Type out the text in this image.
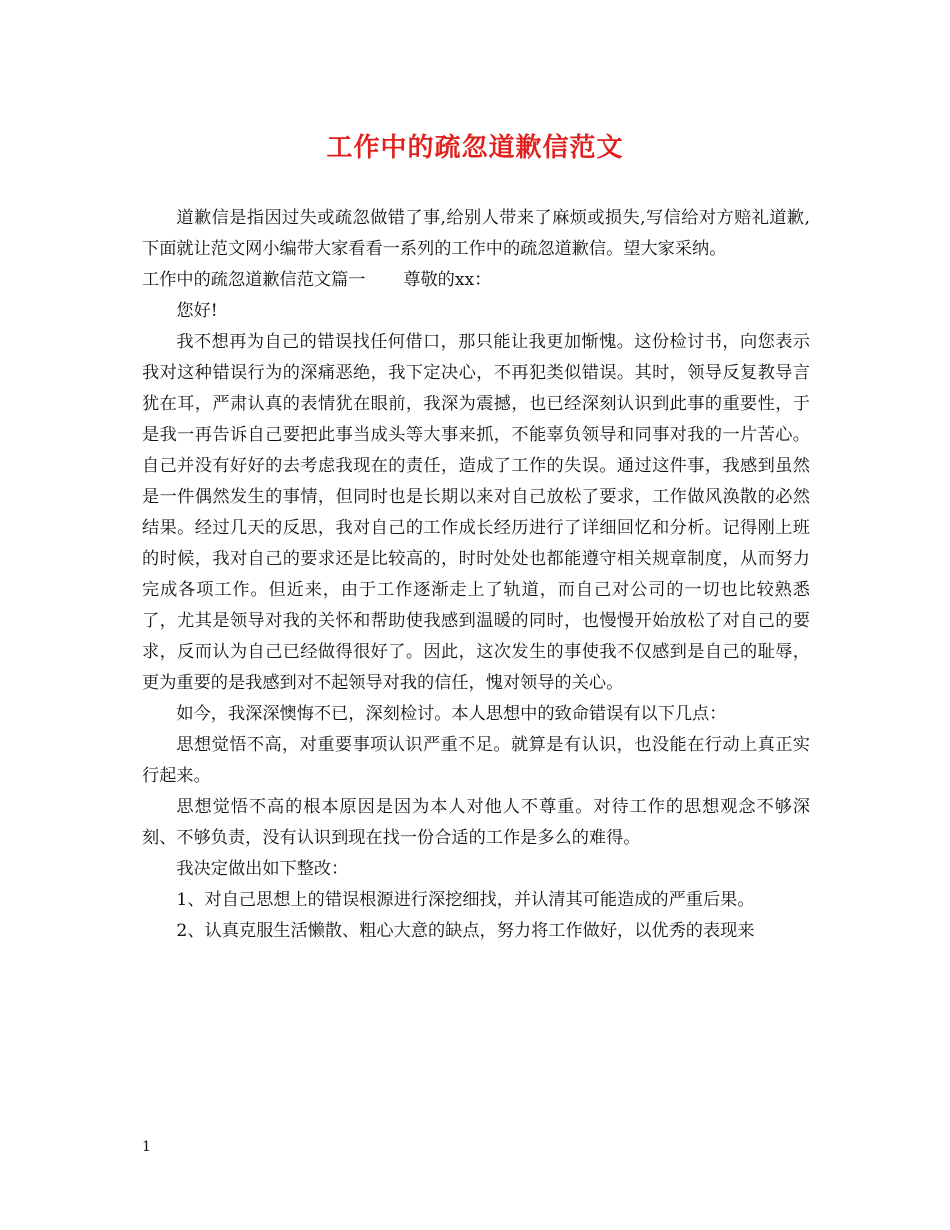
工作中的疏忽道歉信范文

道歉信是指因过失或疏忽做错了事,给别人带来了麻烦或损失,写信给对方赔礼道歉,下面就让范文网小编带大家看看一系列的工作中的疏忽道歉信。望大家采纳。

工作中的疏忽道歉信范文篇一 尊敬的xx：

您好!

我不想再为自己的错误找任何借口，那只能让我更加惭愧。这份检讨书，向您表示我对这种错误行为的深痛恶绝，我下定决心，不再犯类似错误。其时，领导反复教导言犹在耳，严肃认真的表情犹在眼前，我深为震撼，也已经深刻认识到此事的重要性，于是我一再告诉自己要把此事当成头等大事来抓，不能辜负领导和同事对我的一片苦心。自己并没有好好的去考虑我现在的责任，造成了工作的失误。通过这件事，我感到虽然是一件偶然发生的事情，但同时也是长期以来对自己放松了要求，工作做风涣散的必然结果。经过几天的反思，我对自己的工作成长经历进行了详细回忆和分析。记得刚上班的时候，我对自己的要求还是比较高的，时时处处也都能遵守相关规章制度，从而努力完成各项工作。但近来，由于工作逐渐走上了轨道，而自己对公司的一切也比较熟悉了，尤其是领导对我的关怀和帮助使我感到温暖的同时，也慢慢开始放松了对自己的要求，反而认为自己已经做得很好了。因此，这次发生的事使我不仅感到是自己的耻辱，更为重要的是我感到对不起领导对我的信任，愧对领导的关心。

如今，我深深懊悔不已，深刻检讨。本人思想中的致命错误有以下几点：

思想觉悟不高，对重要事项认识严重不足。就算是有认识，也没能在行动上真正实行起来。

思想觉悟不高的根本原因是因为本人对他人不尊重。对待工作的思想观念不够深刻、不够负责，没有认识到现在找一份合适的工作是多么的难得。

我决定做出如下整改：

1、对自己思想上的错误根源进行深挖细找，并认清其可能造成的严重后果。

2、认真克服生活懒散、粗心大意的缺点，努力将工作做好，以优秀的表现来

1
